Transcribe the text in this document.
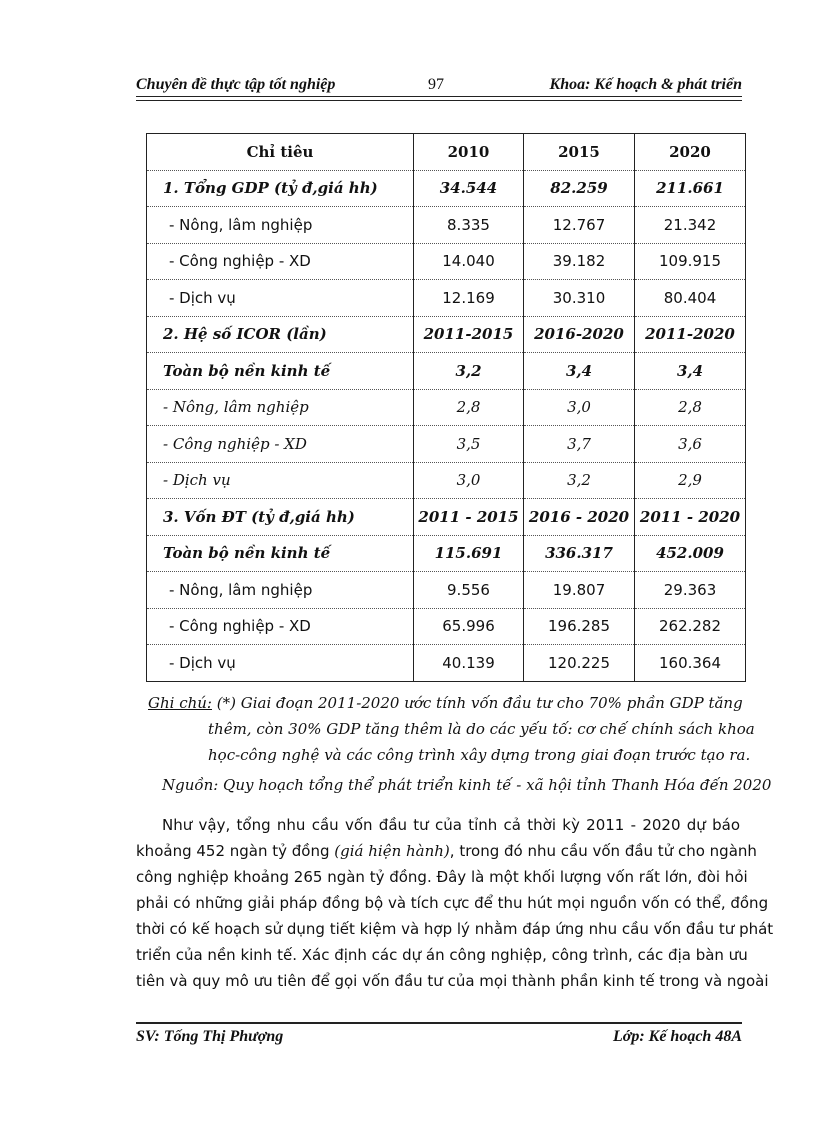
Chuyên đề thực tập tốt nghiệp	97	Khoa: Kế hoạch & phát triển
Chỉ tiêu	2010	2015	2020
1. Tổng GDP (tỷ đ,giá hh)	34.544	82.259	211.661
- Nông, lâm nghiệp	8.335	12.767	21.342
- Công nghiệp - XD	14.040	39.182	109.915
- Dịch vụ	12.169	30.310	80.404
2. Hệ số ICOR (lần)	2011-2015	2016-2020	2011-2020
Toàn bộ nền kinh tế	3,2	3,4	3,4
- Nông, lâm nghiệp	2,8	3,0	2,8
- Công nghiệp - XD	3,5	3,7	3,6
- Dịch vụ	3,0	3,2	2,9
3. Vốn ĐT (tỷ đ,giá hh)	2011 - 2015	2016 - 2020	2011 - 2020
Toàn bộ nền kinh tế	115.691	336.317	452.009
- Nông, lâm nghiệp	9.556	19.807	29.363
- Công nghiệp - XD	65.996	196.285	262.282
- Dịch vụ	40.139	120.225	160.364
Ghi chú: (*) Giai đoạn 2011-2020 ước tính vốn đầu tư cho 70% phần GDP tăng
thêm, còn 30% GDP tăng thêm là do các yếu tố: cơ chế chính sách khoa
học-công nghệ và các công trình xây dựng trong giai đoạn trước tạo ra.
Nguồn: Quy hoạch tổng thể phát triển kinh tế - xã hội tỉnh Thanh Hóa đến 2020
Như vậy, tổng nhu cầu vốn đầu tư của tỉnh cả thời kỳ 2011 - 2020 dự báo
khoảng 452 ngàn tỷ đồng (giá hiện hành), trong đó nhu cầu vốn đầu tử cho ngành
công nghiệp khoảng 265 ngàn tỷ đồng. Đây là một khối lượng vốn rất lớn, đòi hỏi
phải có những giải pháp đồng bộ và tích cực để thu hút mọi nguồn vốn có thể, đồng
thời có kế hoạch sử dụng tiết kiệm và hợp lý nhằm đáp ứng nhu cầu vốn đầu tư phát
triển của nền kinh tế. Xác định các dự án công nghiệp, công trình, các địa bàn ưu
tiên và quy mô ưu tiên để gọi vốn đầu tư của mọi thành phần kinh tế trong và ngoài
SV: Tống Thị Phượng	Lớp: Kế hoạch 48A
